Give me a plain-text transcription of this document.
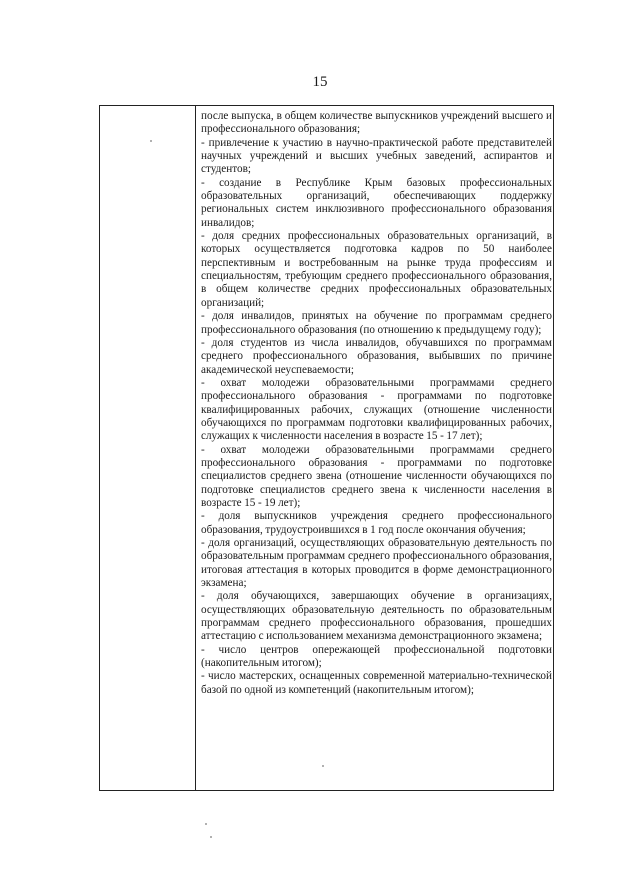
15

после выпуска, в общем количестве выпускников учреждений высшего и профессионального образования;

- привлечение к участию в научно-практической работе представителей научных учреждений и высших учебных заведений, аспирантов и студентов;

- создание в Республике Крым базовых профессиональных образовательных организаций, обеспечивающих поддержку региональных систем инклюзивного профессионального образования инвалидов;

- доля средних профессиональных образовательных организаций, в которых осуществляется подготовка кадров по 50 наиболее перспективным и востребованным на рынке труда профессиям и специальностям, требующим среднего профессионального образования, в общем количестве средних профессиональных образовательных организаций;

- доля инвалидов, принятых на обучение по программам среднего профессионального образования (по отношению к предыдущему году);

- доля студентов из числа инвалидов, обучавшихся по программам среднего профессионального образования, выбывших по причине академической неуспеваемости;

- охват молодежи образовательными программами среднего профессионального образования - программами по подготовке квалифицированных рабочих, служащих (отношение численности обучающихся по программам подготовки квалифицированных рабочих, служащих к численности населения в возрасте 15 - 17 лет);

- охват молодежи образовательными программами среднего профессионального образования - программами по подготовке специалистов среднего звена (отношение численности обучающихся по подготовке специалистов среднего звена к численности населения в возрасте 15 - 19 лет);

- доля выпускников учреждения среднего профессионального образования, трудоустроившихся в 1 год после окончания обучения;

- доля организаций, осуществляющих образовательную деятельность по образовательным программам среднего профессионального образования, итоговая аттестация в которых проводится в форме демонстрационного экзамена;

- доля обучающихся, завершающих обучение в организациях, осуществляющих образовательную деятельность по образовательным программам среднего профессионального образования, прошедших аттестацию с использованием механизма демонстрационного экзамена;

- число центров опережающей профессиональной подготовки (накопительным итогом);

- число мастерских, оснащенных современной материально-технической базой по одной из компетенций (накопительным итогом);
